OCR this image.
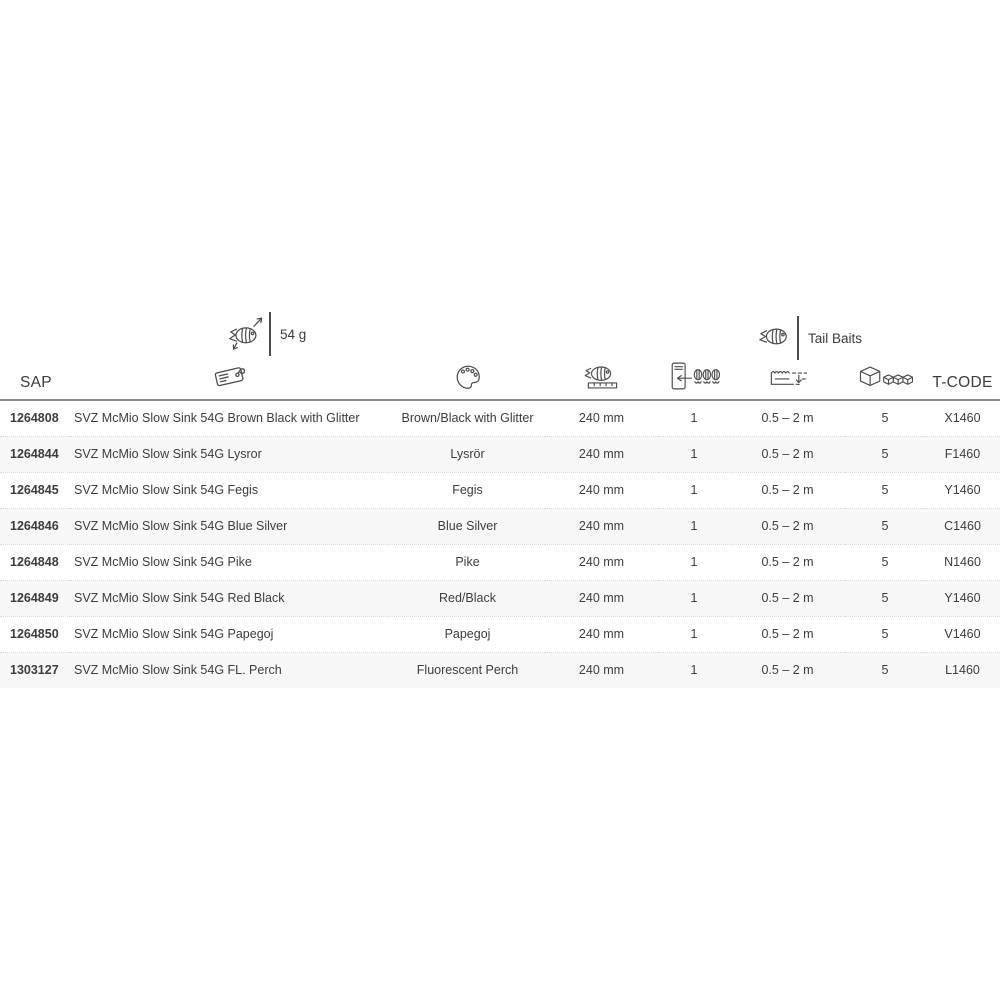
54 g	Tail Baits
SAP							T-CODE
1264808	SVZ McMio Slow Sink 54G Brown Black with Glitter	Brown/Black with Glitter	240 mm	1	0.5 – 2 m	5	X1460
1264844	SVZ McMio Slow Sink 54G Lysror	Lysrör	240 mm	1	0.5 – 2 m	5	F1460
1264845	SVZ McMio Slow Sink 54G Fegis	Fegis	240 mm	1	0.5 – 2 m	5	Y1460
1264846	SVZ McMio Slow Sink 54G Blue Silver	Blue Silver	240 mm	1	0.5 – 2 m	5	C1460
1264848	SVZ McMio Slow Sink 54G Pike	Pike	240 mm	1	0.5 – 2 m	5	N1460
1264849	SVZ McMio Slow Sink 54G Red Black	Red/Black	240 mm	1	0.5 – 2 m	5	Y1460
1264850	SVZ McMio Slow Sink 54G Papegoj	Papegoj	240 mm	1	0.5 – 2 m	5	V1460
1303127	SVZ McMio Slow Sink 54G FL. Perch	Fluorescent Perch	240 mm	1	0.5 – 2 m	5	L1460
